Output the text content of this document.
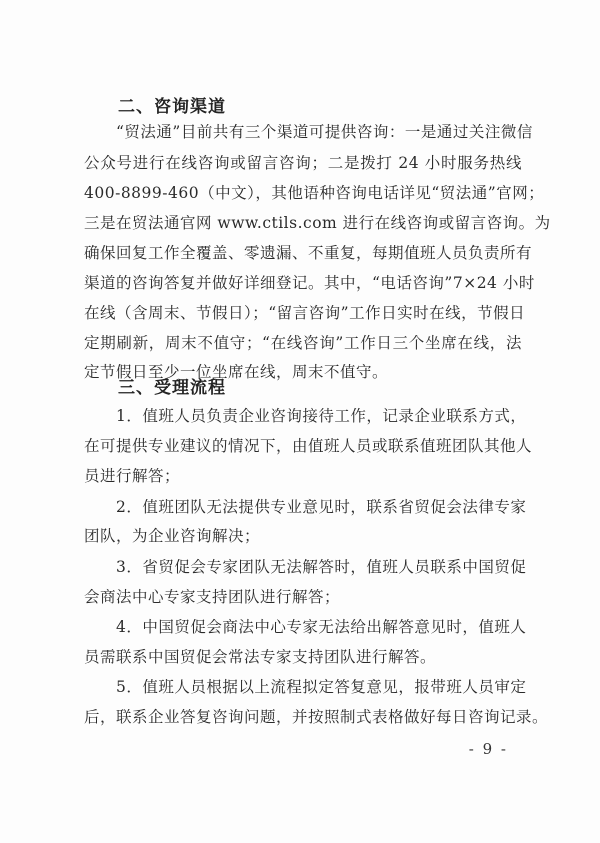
二、咨询渠道
“贸法通”目前共有三个渠道可提供咨询：一是通过关注微信
公众号进行在线咨询或留言咨询；二是拨打 24 小时服务热线
400-8899-460（中文），其他语种咨询电话详见“贸法通”官网；
三是在贸法通官网 www.ctils.com 进行在线咨询或留言咨询。为
确保回复工作全覆盖、零遗漏、不重复，每期值班人员负责所有
渠道的咨询答复并做好详细登记。其中，“电话咨询”7×24 小时
在线（含周末、节假日）；“留言咨询”工作日实时在线，节假日
定期刷新，周末不值守；“在线咨询”工作日三个坐席在线，法
定节假日至少一位坐席在线，周末不值守。
三、受理流程
1．值班人员负责企业咨询接待工作，记录企业联系方式，
在可提供专业建议的情况下，由值班人员或联系值班团队其他人
员进行解答；
2．值班团队无法提供专业意见时，联系省贸促会法律专家
团队，为企业咨询解决；
3．省贸促会专家团队无法解答时，值班人员联系中国贸促
会商法中心专家支持团队进行解答；
4．中国贸促会商法中心专家无法给出解答意见时，值班人
员需联系中国贸促会常法专家支持团队进行解答。
5．值班人员根据以上流程拟定答复意见，报带班人员审定
后，联系企业答复咨询问题，并按照制式表格做好每日咨询记录。
- 9 -
